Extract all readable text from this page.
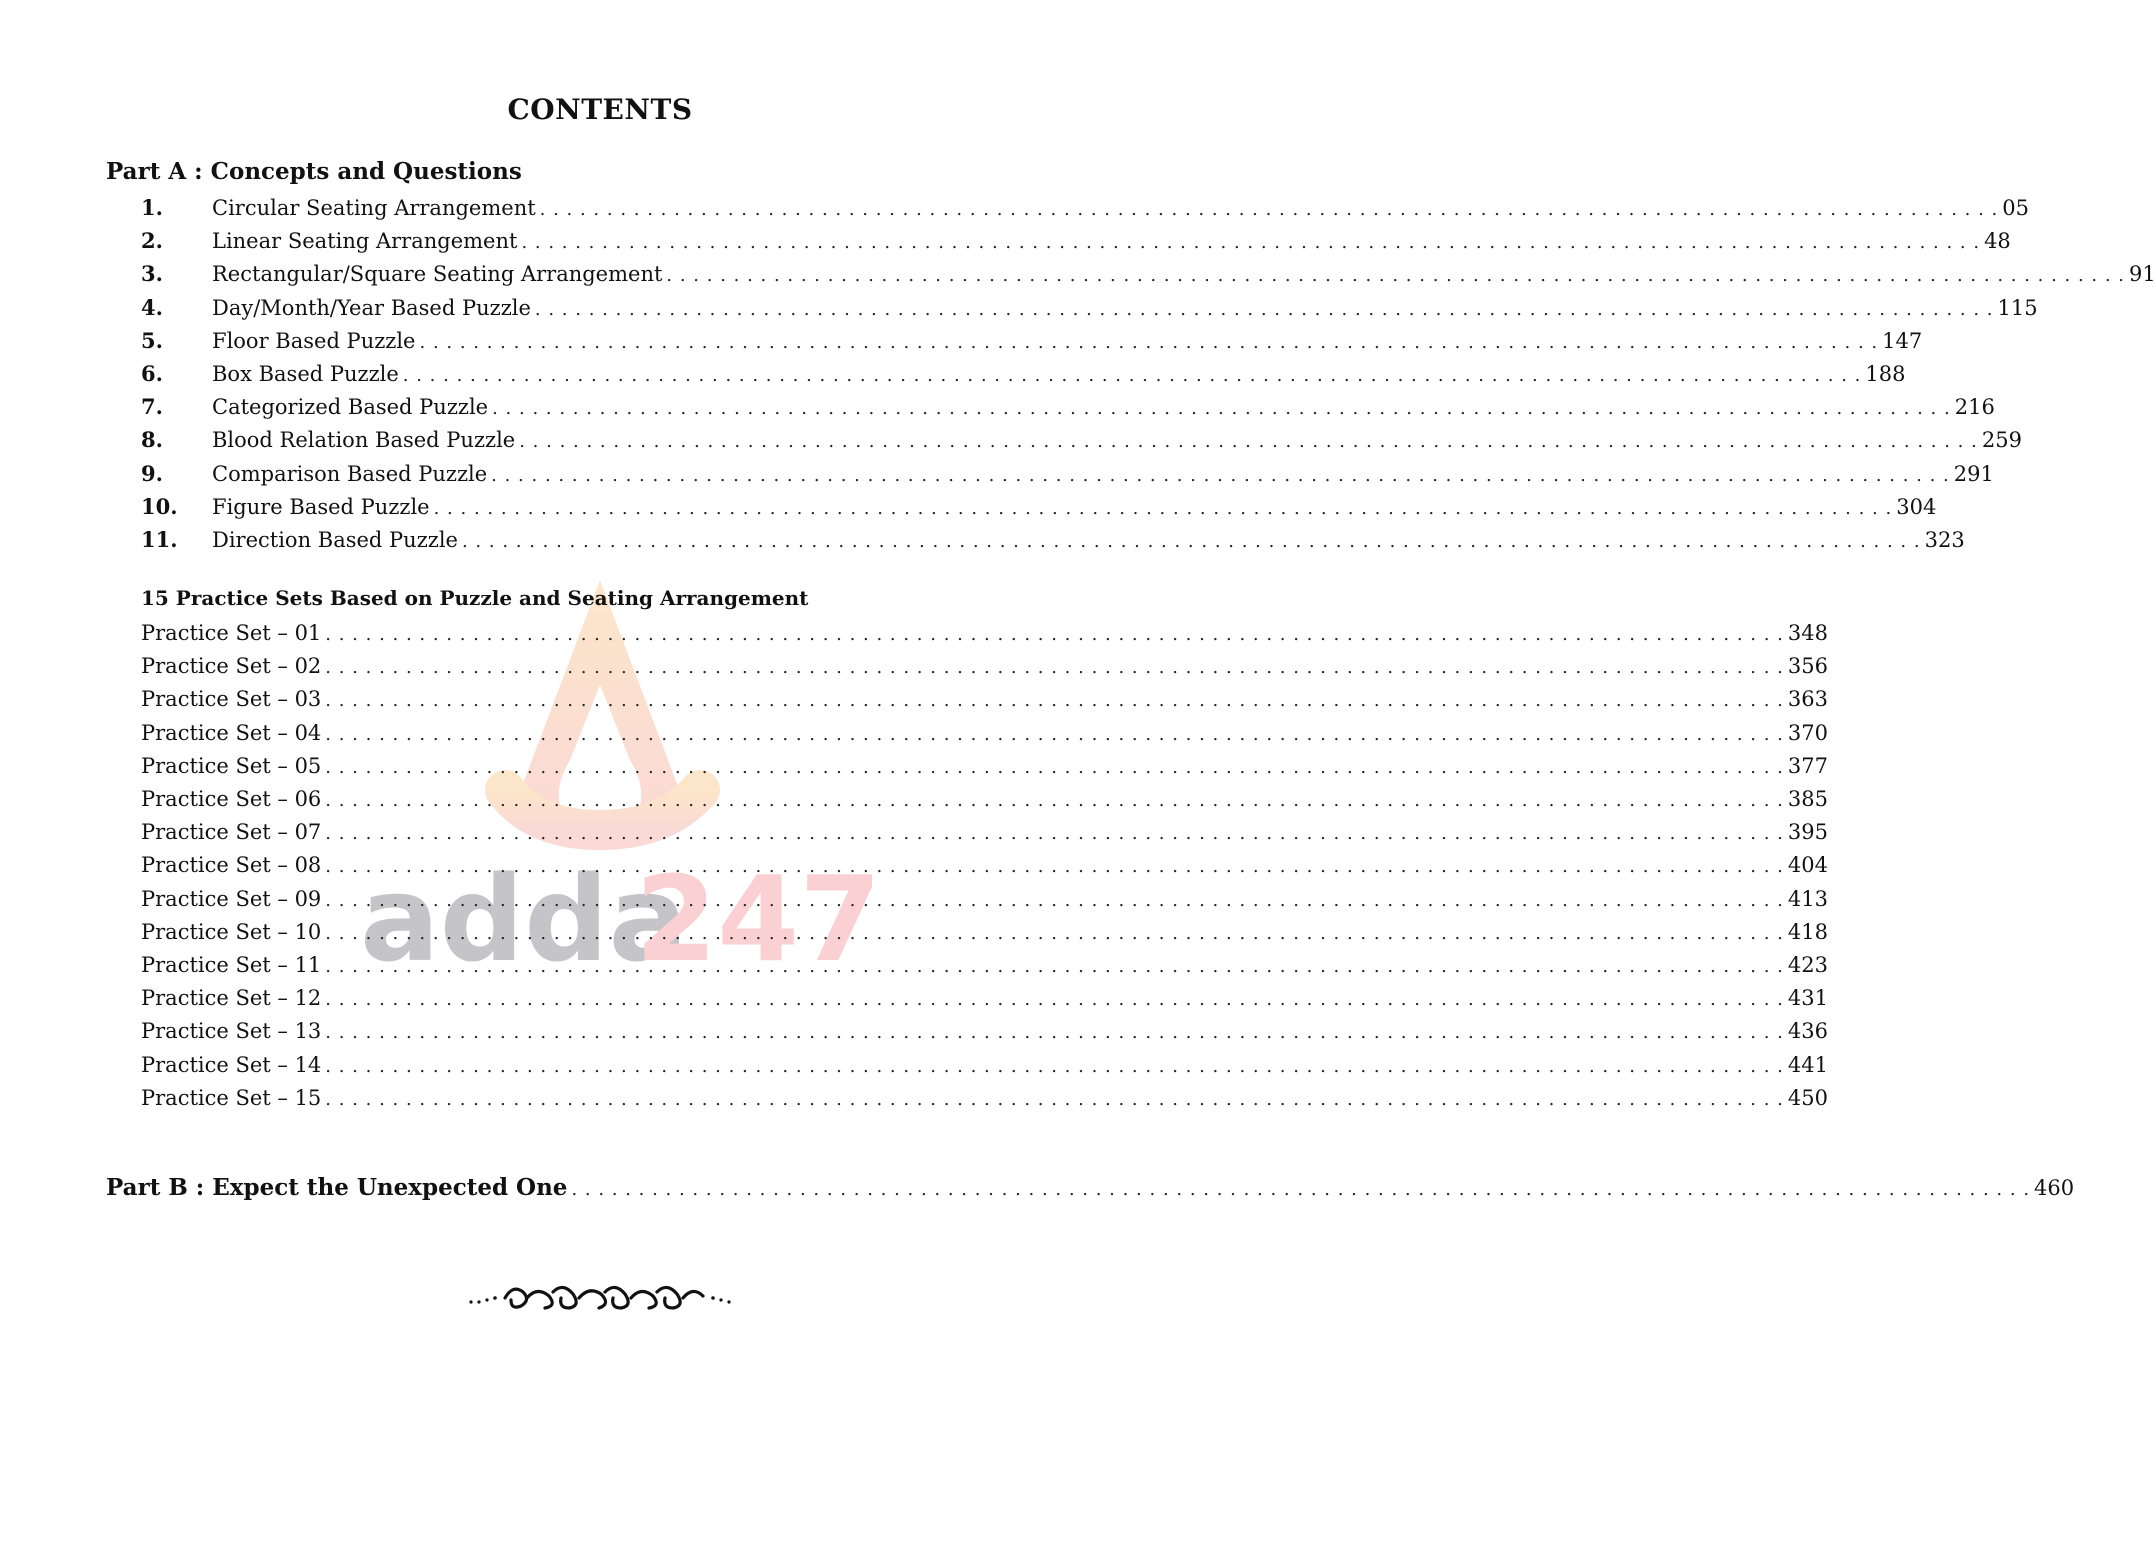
adda
247
CONTENTS
Part A : Concepts and Questions
1.	Circular Seating Arrangement . . .	05
2.	Linear Seating Arrangement . . .	48
3.	Rectangular/Square Seating Arrangement . . .	91
4.	Day/Month/Year Based Puzzle . . .	115
5.	Floor Based Puzzle . . .	147
6.	Box Based Puzzle . . .	188
7.	Categorized Based Puzzle . . .	216
8.	Blood Relation Based Puzzle . . .	259
9.	Comparison Based Puzzle . . .	291
10.	Figure Based Puzzle . . .	304
11.	Direction Based Puzzle . . .	323
15 Practice Sets Based on Puzzle and Seating Arrangement
Practice Set – 01 . . .	348
Practice Set – 02 . . .	356
Practice Set – 03 . . .	363
Practice Set – 04 . . .	370
Practice Set – 05 . . .	377
Practice Set – 06 . . .	385
Practice Set – 07 . . .	395
Practice Set – 08 . . .	404
Practice Set – 09 . . .	413
Practice Set – 10 . . .	418
Practice Set – 11 . . .	423
Practice Set – 12 . . .	431
Practice Set – 13 . . .	436
Practice Set – 14 . . .	441
Practice Set – 15 . . .	450
Part B : Expect the Unexpected One . . .	460
